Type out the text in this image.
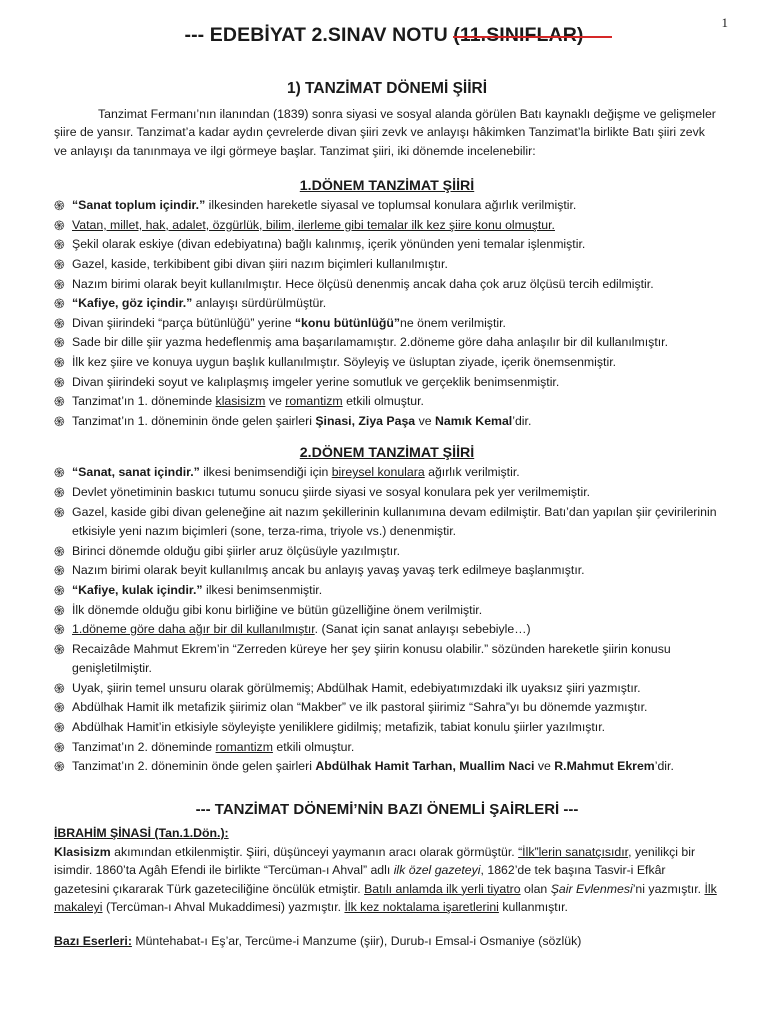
1
--- EDEBİYAT 2.SINAV NOTU
1) TANZİMAT DÖNEMİ ŞİİRİ

Tanzimat Fermanı’nın ilanından (1839) sonra siyasi ve sosyal alanda görülen Batı kaynaklı değişme ve gelişmeler şiire de yansır. Tanzimat’a kadar aydın çevrelerde divan şiiri zevk ve anlayışı hâkimken Tanzimat’la birlikte Batı şiiri zevk ve anlayışı da tanınmaya ve ilgi görmeye başlar. Tanzimat şiiri, iki dönemde incelenebilir:

1.DÖNEM TANZİMAT ŞİİRİ
֍ “Sanat toplum içindir.” ilkesinden hareketle siyasal ve toplumsal konulara ağırlık verilmiştir.
֍ Vatan, millet, hak, adalet, özgürlük, bilim, ilerleme gibi temalar ilk kez şiire konu olmuştur.
֍ Şekil olarak eskiye (divan edebiyatına) bağlı kalınmış, içerik yönünden yeni temalar işlenmiştir.
֍ Gazel, kaside, terkibibent gibi divan şiiri nazım biçimleri kullanılmıştır.
֍ Nazım birimi olarak beyit kullanılmıştır. Hece ölçüsü denenmiş ancak daha çok aruz ölçüsü tercih edilmiştir.
֍ “Kafiye, göz içindir.” anlayışı sürdürülmüştür.
֍ Divan şiirindeki “parça bütünlüğü” yerine “konu bütünlüğü”ne önem verilmiştir.
֍ Sade bir dille şiir yazma hedeflenmiş ama başarılamamıştır. 2.döneme göre daha anlaşılır bir dil kullanılmıştır.
֍ İlk kez şiire ve konuya uygun başlık kullanılmıştır. Söyleyiş ve üsluptan ziyade, içerik önemsenmiştir.
֍ Divan şiirindeki soyut ve kalıplaşmış imgeler yerine somutluk ve gerçeklik benimsenmiştir.
֍ Tanzimat’ın 1. döneminde klasisizm ve romantizm etkili olmuştur.
֍ Tanzimat’ın 1. döneminin önde gelen şairleri Şinasi, Ziya Paşa ve Namık Kemal’dir.
2.DÖNEM TANZİMAT ŞİİRİ
֍ “Sanat, sanat içindir.” ilkesi benimsendiği için bireysel konulara ağırlık verilmiştir.
֍ Devlet yönetiminin baskıcı tutumu sonucu şiirde siyasi ve sosyal konulara pek yer verilmemiştir.
֍ Gazel, kaside gibi divan geleneğine ait nazım şekillerinin kullanımına devam edilmiştir. Batı’dan yapılan şiir çevirilerinin etkisiyle yeni nazım biçimleri (sone, terza-rima, triyole vs.) denenmiştir.
֍ Birinci dönemde olduğu gibi şiirler aruz ölçüsüyle yazılmıştır.
֍ Nazım birimi olarak beyit kullanılmış ancak bu anlayış yavaş yavaş terk edilmeye başlanmıştır.
֍ “Kafiye, kulak içindir.” ilkesi benimsenmiştir.
֍ İlk dönemde olduğu gibi konu birliğine ve bütün güzelliğine önem verilmiştir.
֍ 1.döneme göre daha ağır bir dil kullanılmıştır. (Sanat için sanat anlayışı sebebiyle…)
֍ Recaizâde Mahmut Ekrem’in “Zerreden küreye her şey şiirin konusu olabilir.” sözünden hareketle şiirin konusu genişletilmiştir.
֍ Uyak, şiirin temel unsuru olarak görülmemiş; Abdülhak Hamit, edebiyatımızdaki ilk uyaksız şiiri yazmıştır.
֍ Abdülhak Hamit ilk metafizik şiirimiz olan “Makber” ve ilk pastoral şiirimiz “Sahra”yı bu dönemde yazmıştır.
֍ Abdülhak Hamit’in etkisiyle söyleyişte yeniliklere gidilmiş; metafizik, tabiat konulu şiirler yazılmıştır.
֍ Tanzimat’ın 2. döneminde romantizm etkili olmuştur.
֍ Tanzimat’ın 2. döneminin önde gelen şairleri Abdülhak Hamit Tarhan, Muallim Naci ve R.Mahmut Ekrem’dir.
--- TANZİMAT DÖNEMİ’NİN BAZI ÖNEMLİ ŞAİRLERİ ---
İBRAHİM ŞİNASİ (Tan.1.Dön.):

Klasisizm akımından etkilenmiştir. Şiiri, düşünceyi yaymanın aracı olarak görmüştür. “İlk”lerin sanatçısıdır, yenilikçi bir isimdir. 1860’ta Agâh Efendi ile birlikte “Tercüman-ı Ahval” adlı ilk özel gazeteyi, 1862’de tek başına Tasvir-i Efkâr gazetesini çıkararak Türk gazeteciliğine öncülük etmiştir. Batılı anlamda ilk yerli tiyatro olan Şair Evlenmesi’ni yazmıştır. İlk makaleyi (Tercüman-ı Ahval Mukaddimesi) yazmıştır. İlk kez noktalama işaretlerini kullanmıştır.

Bazı Eserleri: Müntehabat-ı Eş’ar, Tercüme-i Manzume (şiir), Durub-ı Emsal-i Osmaniye (sözlük)
